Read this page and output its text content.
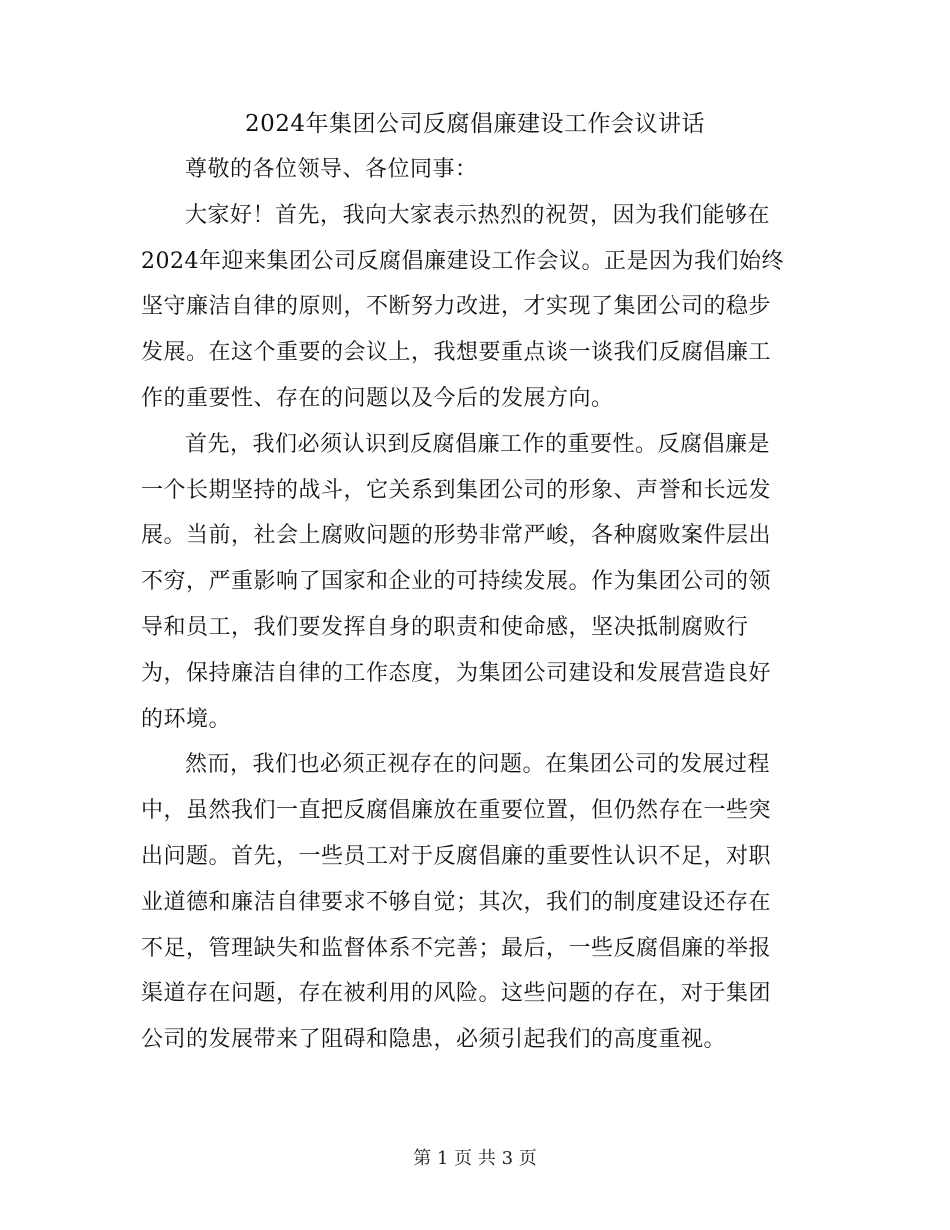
2024年集团公司反腐倡廉建设工作会议讲话

尊敬的各位领导、各位同事：

大家好！首先，我向大家表示热烈的祝贺，因为我们能够在
2024年迎来集团公司反腐倡廉建设工作会议。正是因为我们始终
坚守廉洁自律的原则，不断努力改进，才实现了集团公司的稳步
发展。在这个重要的会议上，我想要重点谈一谈我们反腐倡廉工
作的重要性、存在的问题以及今后的发展方向。

首先，我们必须认识到反腐倡廉工作的重要性。反腐倡廉是
一个长期坚持的战斗，它关系到集团公司的形象、声誉和长远发
展。当前，社会上腐败问题的形势非常严峻，各种腐败案件层出
不穷，严重影响了国家和企业的可持续发展。作为集团公司的领
导和员工，我们要发挥自身的职责和使命感，坚决抵制腐败行
为，保持廉洁自律的工作态度，为集团公司建设和发展营造良好
的环境。

然而，我们也必须正视存在的问题。在集团公司的发展过程
中，虽然我们一直把反腐倡廉放在重要位置，但仍然存在一些突
出问题。首先，一些员工对于反腐倡廉的重要性认识不足，对职
业道德和廉洁自律要求不够自觉；其次，我们的制度建设还存在
不足，管理缺失和监督体系不完善；最后，一些反腐倡廉的举报
渠道存在问题，存在被利用的风险。这些问题的存在，对于集团
公司的发展带来了阻碍和隐患，必须引起我们的高度重视。

第 1 页 共 3 页
